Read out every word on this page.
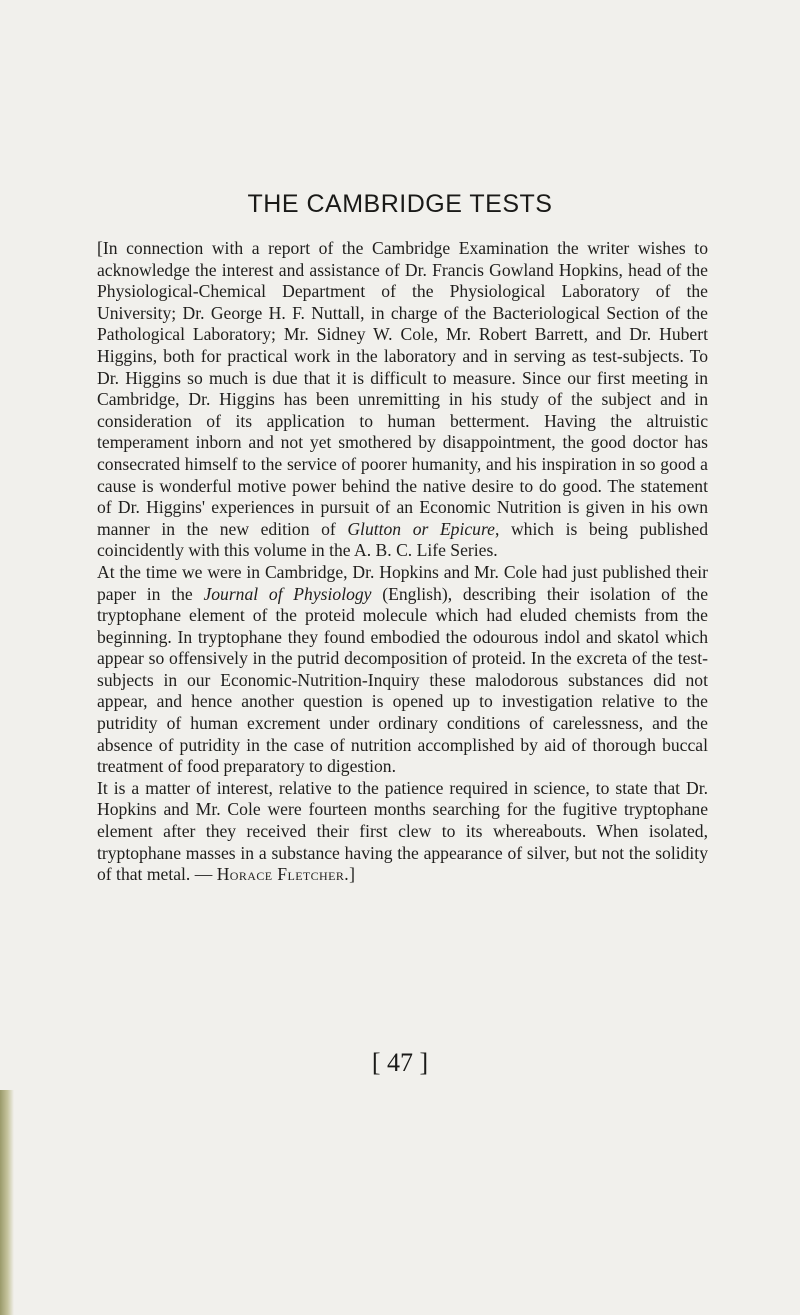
THE CAMBRIDGE TESTS

[In connection with a report of the Cambridge Examination the writer wishes to acknowledge the interest and assistance of Dr. Francis Gowland Hopkins, head of the Physiological-Chemical Department of the Physiological Laboratory of the University; Dr. George H. F. Nuttall, in charge of the Bacteriological Section of the Pathological Laboratory; Mr. Sidney W. Cole, Mr. Robert Barrett, and Dr. Hubert Higgins, both for practical work in the laboratory and in serving as test-subjects. To Dr. Higgins so much is due that it is difficult to measure. Since our first meeting in Cambridge, Dr. Higgins has been unremitting in his study of the subject and in consideration of its application to human betterment. Having the altruistic temperament inborn and not yet smothered by disappointment, the good doctor has consecrated himself to the service of poorer humanity, and his inspiration in so good a cause is wonderful motive power behind the native desire to do good. The statement of Dr. Higgins' experiences in pursuit of an Economic Nutrition is given in his own manner in the new edition of Glutton or Epicure, which is being published coincidently with this volume in the A. B. C. Life Series.

At the time we were in Cambridge, Dr. Hopkins and Mr. Cole had just published their paper in the Journal of Physiology (English), describing their isolation of the tryptophane element of the proteid molecule which had eluded chemists from the beginning. In tryptophane they found embodied the odourous indol and skatol which appear so offensively in the putrid decomposition of proteid. In the excreta of the test-subjects in our Economic-Nutrition-Inquiry these malodorous substances did not appear, and hence another question is opened up to investigation relative to the putridity of human excrement under ordinary conditions of carelessness, and the absence of putridity in the case of nutrition accomplished by aid of thorough buccal treatment of food preparatory to digestion.

It is a matter of interest, relative to the patience required in science, to state that Dr. Hopkins and Mr. Cole were fourteen months searching for the fugitive tryptophane element after they received their first clew to its whereabouts. When isolated, tryptophane masses in a substance having the appearance of silver, but not the solidity of that metal. — Horace Fletcher.]

[ 47 ]
